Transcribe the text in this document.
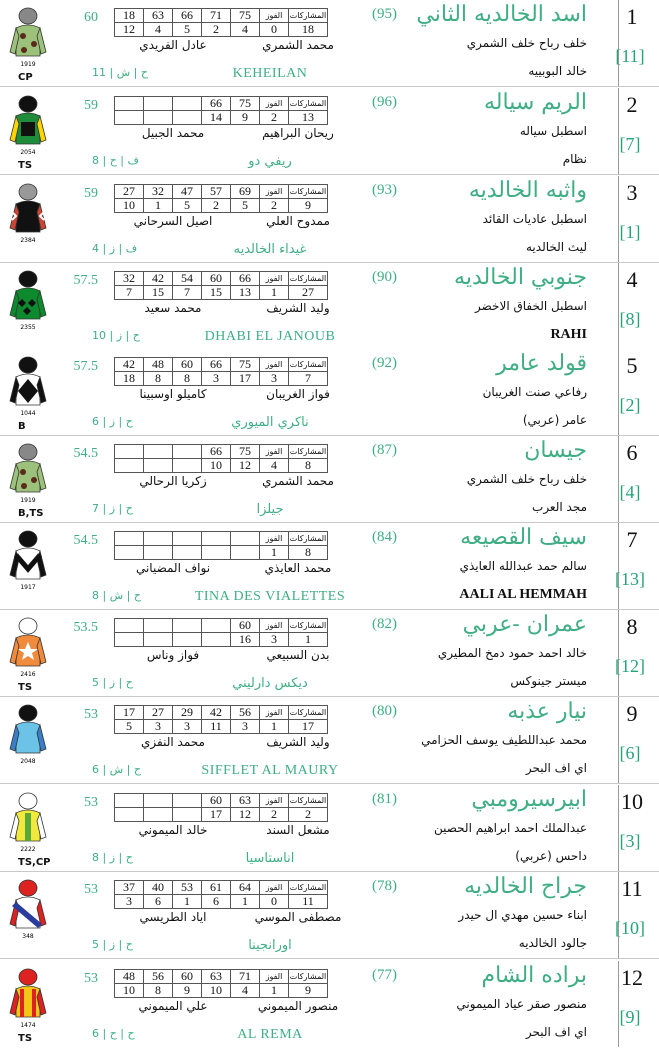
1
[11]
اسد الخالديه الثاني
(95)
خلف رباح خلف الشمري
خالد البوبييه
60
محمد الشمري
عادل الفريدي
KEHEILAN
ح | ش | 11
CP
1919
18	63	66	71	75	الفوز	المشاركات
12	4	5	2	4	0	18
2
[7]
الريم سياله
(96)
اسطبل سياله
نظام
59
ريحان البراهيم
محمد الجبيل
ريفي دو
ف | ح | 8
TS
2054
			66	75	الفوز	المشاركات
			14	9	2	13
3
[1]
واثبه الخالديه
(93)
اسطبل عاديات القائد
ليث الخالديه
59
ممدوح العلي
اصيل السرحاني
غيداء الخالديه
ف | ز | 4
2384
27	32	47	57	69	الفوز	المشاركات
10	1	5	2	5	2	9
4
[8]
جنوبي الخالديه
(90)
اسطبل الخفاق الاخضر
RAHI
57.5
وليد الشريف
محمد سعيد
DHABI EL JANOUB
ح | ز | 10
2355
32	42	54	60	66	الفوز	المشاركات
7	15	7	15	13	1	27
5
[2]
قولد عامر
(92)
رفاعي صنت الغريبان
(عامر (عربي
57.5
فواز الغريبان
كاميلو اوسبينا
ناكري الميوري
ح | ز | 6
B
1044
42	48	60	66	75	الفوز	المشاركات
18	8	8	3	17	3	7
6
[4]
جيسان
(87)
خلف رباح خلف الشمري
مجد العرب
54.5
محمد الشمري
زكريا الرحالي
جيلزا
ح | ز | 7
B,TS
1919
			66	75	الفوز	المشاركات
			10	12	4	8
7
[13]
سيف القصيعه
(84)
سالم حمد عبدالله العايذي
AALI AL HEMMAH
54.5
محمد العايذي
نواف المضياني
TINA DES VIALETTES
ح | ش | 8
1917
					الفوز	المشاركات
					1	8
8
[12]
عمران -عربي
(82)
خالد احمد حمود دمخ المطيري
ميستر جينوكس
53.5
بدن السبيعي
فواز وناس
ديكس دارليني
ح | ز | 5
TS
2416
				60	الفوز	المشاركات
				16	3	1
9
[6]
نيار عذبه
(80)
محمد عبداللطيف يوسف الحزامي
اي اف البحر
53
وليد الشريف
محمد النفزي
SIFFLET AL MAURY
ح | ش | 6
2048
17	27	29	42	56	الفوز	المشاركات
5	3	3	11	3	1	17
10
[3]
ابيرسيرومبي
(81)
عبدالملك احمد ابراهيم الحصين
(داحس (عربي
53
مشعل السند
خالد الميموني
اناستاسيا
ح | ز | 8
TS,CP
2222
			60	63	الفوز	المشاركات
			17	12	2	2
11
[10]
جراح الخالديه
(78)
ابناء حسين مهدي ال حيدر
جالود الخالديه
53
مصطفى الموسي
اياد الطريسي
اورانجينا
ح | ز | 5
348
37	40	53	61	64	الفوز	المشاركات
3	6	1	6	1	0	11
12
[9]
براده الشام
(77)
منصور صقر عياد الميموني
اي اف البحر
53
منصور الميموني
علي الميموني
AL REMA
ح | ح | 6
TS
1474
48	56	60	63	71	الفوز	المشاركات
10	8	9	10	4	1	9
